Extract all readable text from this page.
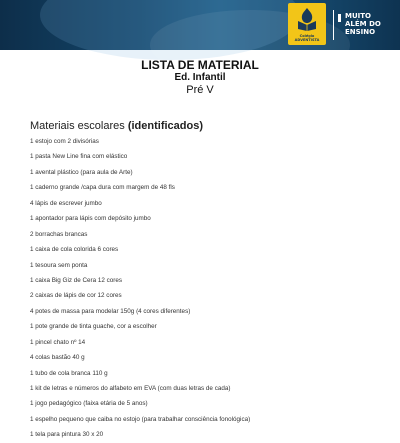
Colégio ADVENTISTA
MUITO
ALÉM DO
ENSINO
LISTA DE MATERIAL
Ed. Infantil
Pré V
Materiais escolares (identificados)
1 estojo com 2 divisórias
1 pasta New Line fina com elástico
1 avental plástico (para aula de Arte)
1 caderno grande /capa dura com margem de 48 fls
4 lápis de escrever jumbo
1 apontador para lápis com depósito jumbo
2 borrachas brancas
1 caixa de cola colorida 6 cores
1 tesoura sem ponta
1 caixa Big Giz de Cera 12 cores
2 caixas de lápis de cor 12 cores
4 potes de massa para modelar 150g (4 cores diferentes)
1 pote grande de tinta guache, cor a escolher
1 pincel chato nº 14
4 colas bastão 40 g
1 tubo de cola branca 110 g
1 kit de letras e números do alfabeto em EVA (com duas letras de cada)
1 jogo pedagógico (faixa etária de 5 anos)
1 espelho pequeno que caiba no estojo (para trabalhar consciência fonológica)
1 tela para pintura 30 x 20
